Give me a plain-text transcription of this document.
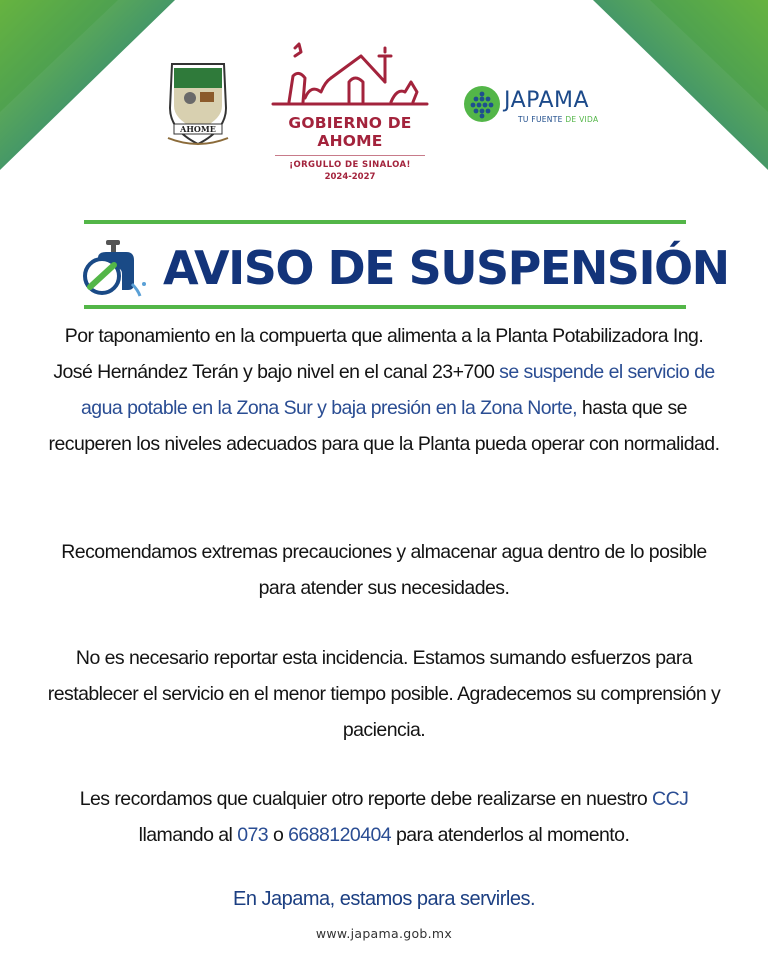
AHOME	GOBIERNO DE AHOME
¡ORGULLO DE SINALOA!
2024-2027
JAPAMA
TU FUENTE DE VIDA
AVISO DE SUSPENSIÓN
Por taponamiento en la compuerta que alimenta a la Planta Potabilizadora Ing. José Hernández Terán y bajo nivel en el canal 23+700 se suspende el servicio de agua potable en la Zona Sur y baja presión en la Zona Norte, hasta que se recuperen los niveles adecuados para que la Planta pueda operar con normalidad.
Recomendamos extremas precauciones y almacenar agua dentro de lo posible para atender sus necesidades.
No es necesario reportar esta incidencia. Estamos sumando esfuerzos para restablecer el servicio en el menor tiempo posible. Agradecemos su comprensión y paciencia.
Les recordamos que cualquier otro reporte debe realizarse en nuestro CCJ llamando al 073 o 6688120404 para atenderlos al momento.
En Japama, estamos para servirles.
www.japama.gob.mx
